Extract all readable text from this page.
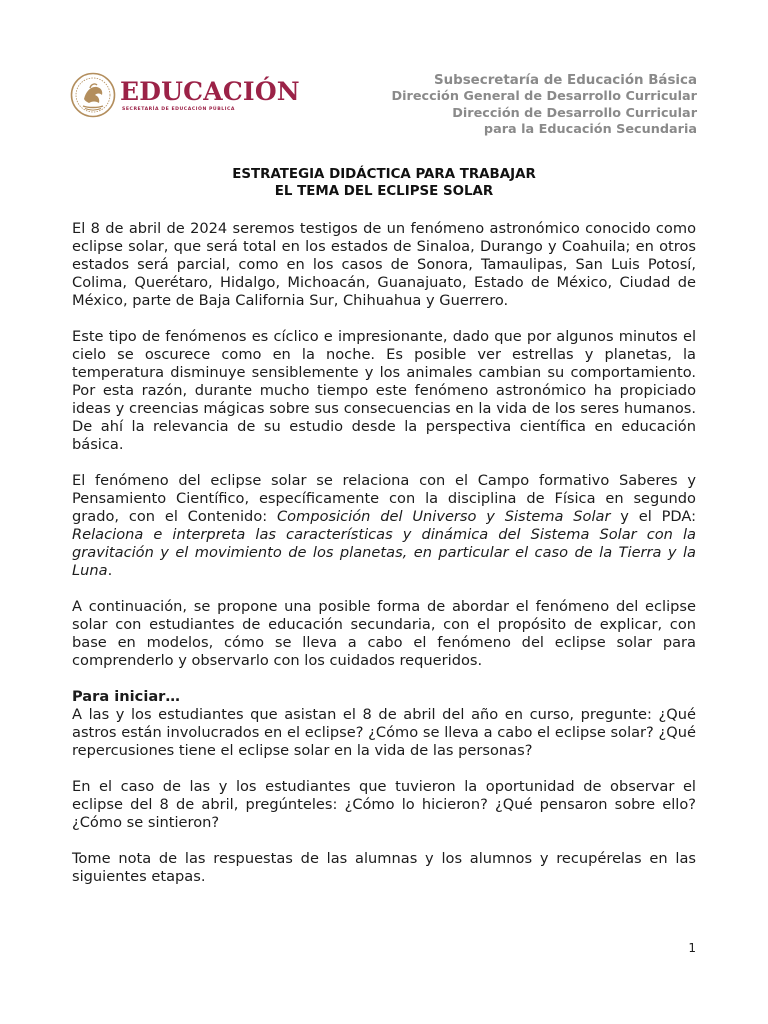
EDUCACIÓN
SECRETARÍA DE EDUCACIÓN PÚBLICA
Subsecretaría de Educación Básica
Dirección General de Desarrollo Curricular
Dirección de Desarrollo Curricular
para la Educación Secundaria
ESTRATEGIA DIDÁCTICA PARA TRABAJAR
EL TEMA DEL ECLIPSE SOLAR

El 8 de abril de 2024 seremos testigos de un fenómeno astronómico conocido como eclipse solar, que será total en los estados de Sinaloa, Durango y Coahuila; en otros estados será parcial, como en los casos de Sonora, Tamaulipas, San Luis Potosí, Colima, Querétaro, Hidalgo, Michoacán, Guanajuato, Estado de México, Ciudad de México, parte de Baja California Sur, Chihuahua y Guerrero.

Este tipo de fenómenos es cíclico e impresionante, dado que por algunos minutos el cielo se oscurece como en la noche. Es posible ver estrellas y planetas, la temperatura disminuye sensiblemente y los animales cambian su comportamiento. Por esta razón, durante mucho tiempo este fenómeno astronómico ha propiciado ideas y creencias mágicas sobre sus consecuencias en la vida de los seres humanos. De ahí la relevancia de su estudio desde la perspectiva científica en educación básica.

El fenómeno del eclipse solar se relaciona con el Campo formativo Saberes y Pensamiento Científico, específicamente con la disciplina de Física en segundo grado, con el Contenido: Composición del Universo y Sistema Solar y el PDA: Relaciona e interpreta las características y dinámica del Sistema Solar con la gravitación y el movimiento de los planetas, en particular el caso de la Tierra y la Luna.

A continuación, se propone una posible forma de abordar el fenómeno del eclipse solar con estudiantes de educación secundaria, con el propósito de explicar, con base en modelos, cómo se lleva a cabo el fenómeno del eclipse solar para comprenderlo y observarlo con los cuidados requeridos.

Para iniciar…

A las y los estudiantes que asistan el 8 de abril del año en curso, pregunte: ¿Qué astros están involucrados en el eclipse? ¿Cómo se lleva a cabo el eclipse solar? ¿Qué repercusiones tiene el eclipse solar en la vida de las personas?

En el caso de las y los estudiantes que tuvieron la oportunidad de observar el eclipse del 8 de abril, pregúnteles: ¿Cómo lo hicieron? ¿Qué pensaron sobre ello? ¿Cómo se sintieron?

Tome nota de las respuestas de las alumnas y los alumnos y recupérelas en las siguientes etapas.

1
